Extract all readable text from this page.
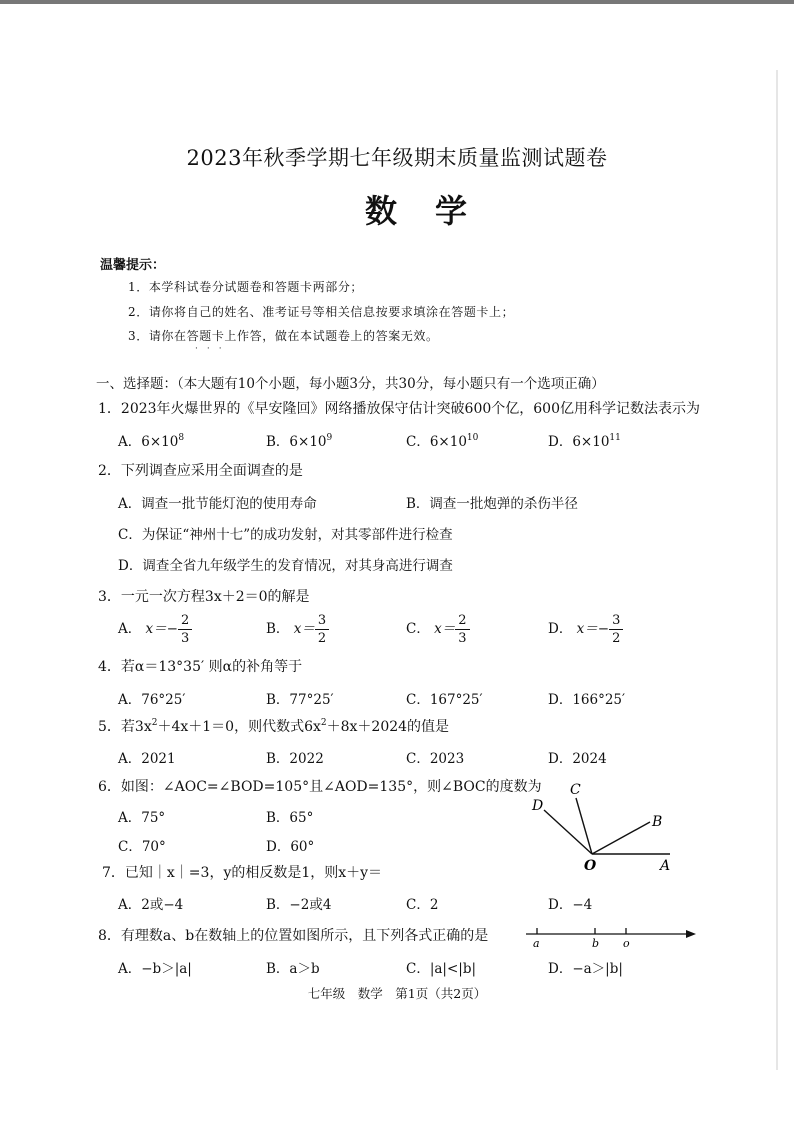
2023年秋季学期七年级期末质量监测试题卷
数学
温馨提示：
1．本学科试卷分试题卷和答题卡两部分；
2．请你将自己的姓名、准考证号等相关信息按要求填涂在答题卡上；
3．请你在答题卡上作答，做在本试题卷上的答案无效。
···
一、选择题：（本大题有10个小题，每小题3分，共30分，每小题只有一个选项正确）
1．2023年火爆世界的《早安隆回》网络播放保守估计突破600个亿，600亿用科学记数法表示为
A．$6\times 10^8$	B．$6\times 10^9$	C．$6\times 10^{10}$	D．$6\times 10^{11}$
2．下列调查应采用全面调查的是
A．调查一批节能灯泡的使用寿命	B．调查一批炮弹的杀伤半径
C．为保证“神州十七”的成功发射，对其零部件进行检查
D．调查全省九年级学生的发育情况，对其身高进行调查
3．一元一次方程3x＋2＝0的解是
A． $x=- \frac{2}{3}$	B． $x= \frac{3}{2}$	C． $x= \frac{2}{3}$	D． $x=- \frac{3}{2}$
4．若α＝13°35′ 则α的补角等于
A．76°25′	B．77°25′	C．167°25′	D．166°25′
5．若$3x^2+4x+1=0$，则代数式$6x^2+8x+2024$的值是
A．2021	B．2022	C．2023	D．2024
6．如图：∠AOC=∠BOD=105°且∠AOD=135°，则∠BOC的度数为
A．75°	B．65°
C．70°	D．60°
D
C
B
O	A
7．已知｜x｜=3，y的相反数是1，则x＋y＝
A．2或−4	B．−2或4	C．2	D．−4
8．有理数a、b在数轴上的位置如图所示，且下列各式正确的是	a	b o
A．−b＞|a|	B．a＞b	C．|a|<|b|	D．−a＞|b|
七年级　数学　第1页（共2页）
